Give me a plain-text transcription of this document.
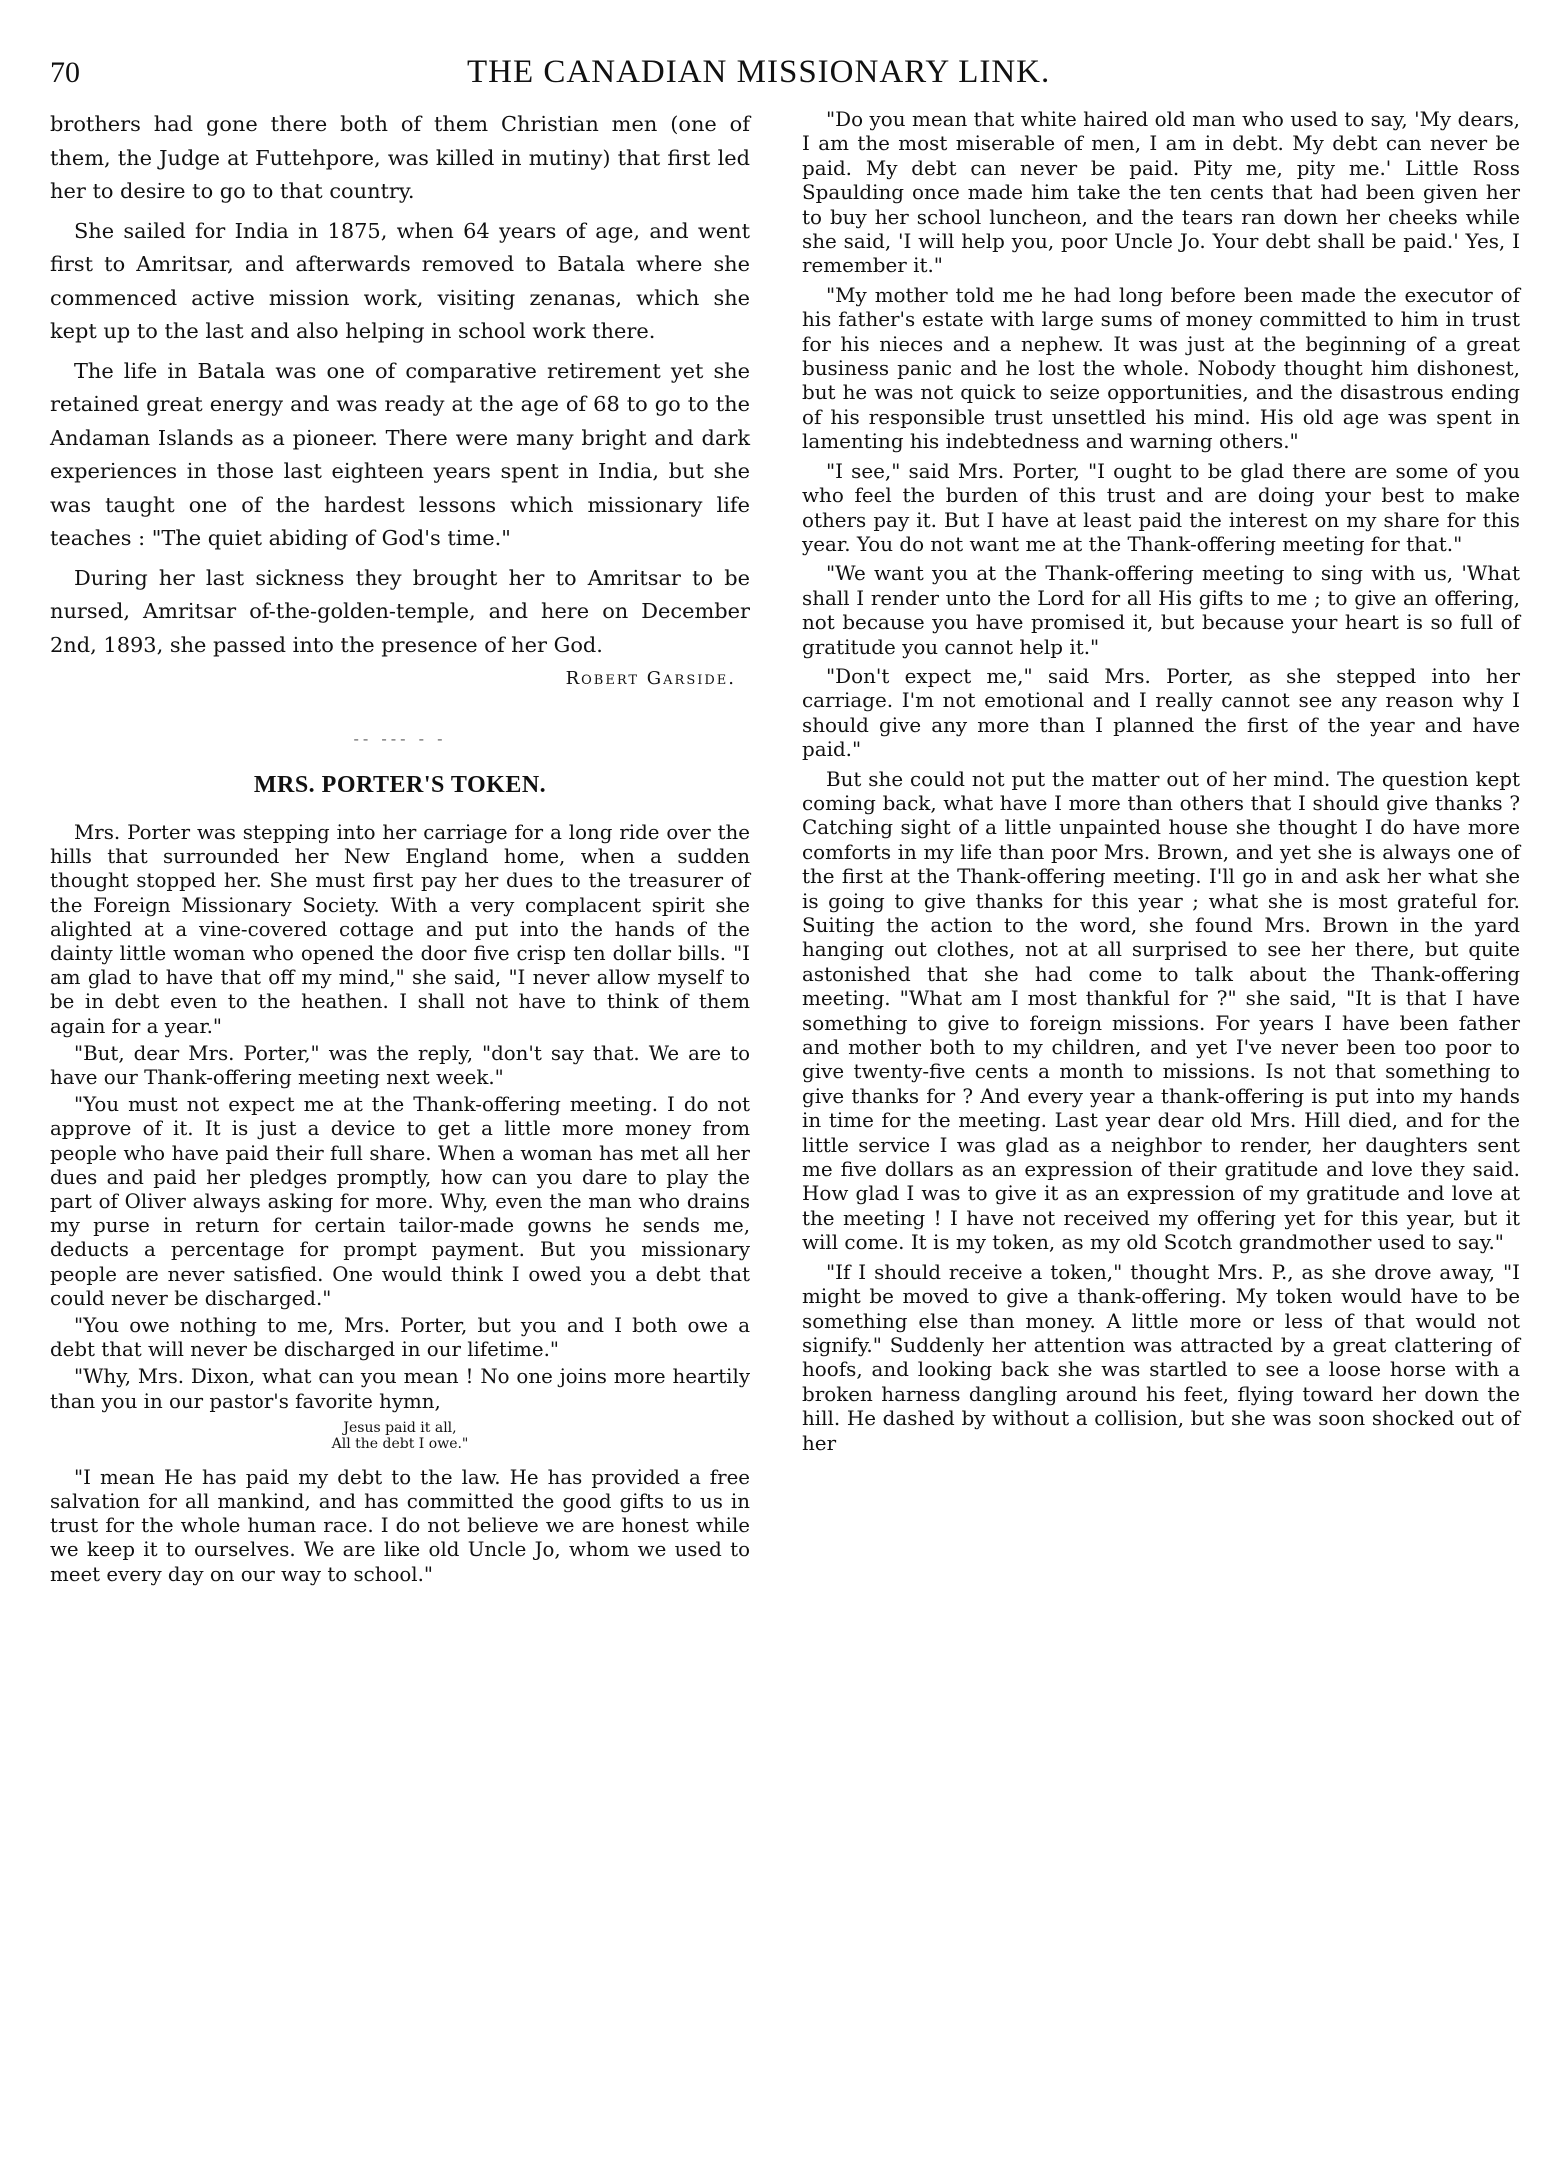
70	THE CANADIAN MISSIONARY LINK.

brothers had gone there both of them Christian men (one of them, the Judge at Futtehpore, was killed in mutiny) that first led her to desire to go to that country.

She sailed for India in 1875, when 64 years of age, and went first to Amritsar, and afterwards removed to Batala where she commenced active mission work, visiting zenanas, which she kept up to the last and also helping in school work there.

The life in Batala was one of comparative retirement yet she retained great energy and was ready at the age of 68 to go to the Andaman Islands as a pioneer. There were many bright and dark experiences in those last eighteen years spent in India, but she was taught one of the hardest lessons which missionary life teaches : "The quiet abiding of God's time."

During her last sickness they brought her to Amritsar to be nursed, Amritsar of-the-golden-temple, and here on December 2nd, 1893, she passed into the presence of her God.

Robert Garside.
-- --- - -
MRS. PORTER'S TOKEN.

Mrs. Porter was stepping into her carriage for a long ride over the hills that surrounded her New England home, when a sudden thought stopped her. She must first pay her dues to the treasurer of the Foreign Missionary Society. With a very complacent spirit she alighted at a vine-covered cottage and put into the hands of the dainty little woman who opened the door five crisp ten dollar bills. "I am glad to have that off my mind," she said, "I never allow myself to be in debt even to the heathen. I shall not have to think of them again for a year."

"But, dear Mrs. Porter," was the reply, "don't say that. We are to have our Thank-offering meeting next week."

"You must not expect me at the Thank-offering meeting. I do not approve of it. It is just a device to get a little more money from people who have paid their full share. When a woman has met all her dues and paid her pledges promptly, how can you dare to play the part of Oliver always asking for more. Why, even the man who drains my purse in return for certain tailor-made gowns he sends me, deducts a percentage for prompt payment. But you missionary people are never satisfied. One would think I owed you a debt that could never be discharged."

"You owe nothing to me, Mrs. Porter, but you and I both owe a debt that will never be discharged in our lifetime."

"Why, Mrs. Dixon, what can you mean ! No one joins more heartily than you in our pastor's favorite hymn,

Jesus paid it all,
All the debt I owe."

"I mean He has paid my debt to the law. He has provided a free salvation for all mankind, and has committed the good gifts to us in trust for the whole human race. I do not believe we are honest while we keep it to ourselves. We are like old Uncle Jo, whom we used to meet every day on our way to school."

"Do you mean that white haired old man who used to say, 'My dears, I am the most miserable of men, I am in debt. My debt can never be paid. My debt can never be paid. Pity me, pity me.' Little Ross Spaulding once made him take the ten cents that had been given her to buy her school luncheon, and the tears ran down her cheeks while she said, 'I will help you, poor Uncle Jo. Your debt shall be paid.' Yes, I remember it."

"My mother told me he had long before been made the executor of his father's estate with large sums of money committed to him in trust for his nieces and a nephew. It was just at the beginning of a great business panic and he lost the whole. Nobody thought him dishonest, but he was not quick to seize opportunities, and the disastrous ending of his responsible trust unsettled his mind. His old age was spent in lamenting his indebtedness and warning others."

"I see," said Mrs. Porter, "I ought to be glad there are some of you who feel the burden of this trust and are doing your best to make others pay it. But I have at least paid the interest on my share for this year. You do not want me at the Thank-offering meeting for that."

"We want you at the Thank-offering meeting to sing with us, 'What shall I render unto the Lord for all His gifts to me ; to give an offering, not because you have promised it, but because your heart is so full of gratitude you cannot help it."

"Don't expect me," said Mrs. Porter, as she stepped into her carriage. I'm not emotional and I really cannot see any reason why I should give any more than I planned the first of the year and have paid."

But she could not put the matter out of her mind. The question kept coming back, what have I more than others that I should give thanks ? Catching sight of a little unpainted house she thought I do have more comforts in my life than poor Mrs. Brown, and yet she is always one of the first at the Thank-offering meeting. I'll go in and ask her what she is going to give thanks for this year ; what she is most grateful for. Suiting the action to the word, she found Mrs. Brown in the yard hanging out clothes, not at all surprised to see her there, but quite astonished that she had come to talk about the Thank-offering meeting. "What am I most thankful for ?" she said, "It is that I have something to give to foreign missions. For years I have been father and mother both to my children, and yet I've never been too poor to give twenty-five cents a month to missions. Is not that something to give thanks for ? And every year a thank-offering is put into my hands in time for the meeting. Last year dear old Mrs. Hill died, and for the little service I was glad as a neighbor to render, her daughters sent me five dollars as an expression of their gratitude and love they said. How glad I was to give it as an expression of my gratitude and love at the meeting ! I have not received my offering yet for this year, but it will come. It is my token, as my old Scotch grandmother used to say."

"If I should receive a token," thought Mrs. P., as she drove away, "I might be moved to give a thank-offering. My token would have to be something else than money. A little more or less of that would not signify." Suddenly her attention was attracted by a great clattering of hoofs, and looking back she was startled to see a loose horse with a broken harness dangling around his feet, flying toward her down the hill. He dashed by without a collision, but she was soon shocked out of her
